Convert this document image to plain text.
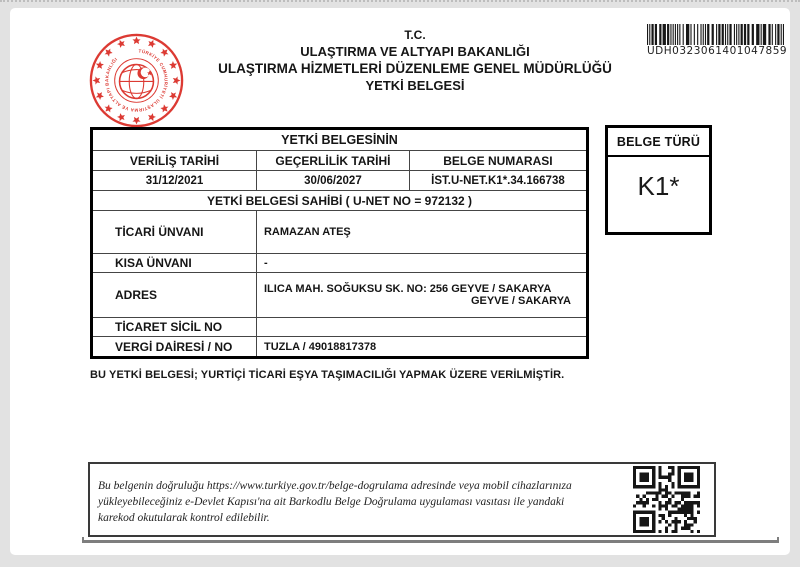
TÜRKİYE CUMHURİYETİ ULAŞTIRMA VE ALTYAPI BAKANLIĞI
T.C.
ULAŞTIRMA VE ALTYAPI BAKANLIĞI
ULAŞTIRMA HİZMETLERİ DÜZENLEME GENEL MÜDÜRLÜĞÜ
YETKİ BELGESİ
UDH0323061401047859
YETKİ BELGESİNİN		
VERİLİŞ TARİHİ	GEÇERLİLİK TARİHİ	BELGE NUMARASI
31/12/2021	30/06/2027	İST.U-NET.K1*.34.166738
YETKİ BELGESİ SAHİBİ ( U-NET NO = 972132 )		
TİCARİ ÜNVANI	RAMAZAN ATEŞ	
KISA ÜNVANI	-	
ADRES	ILICA MAH. SOĞUKSU SK. NO: 256 GEYVE / SAKARYA
GEYVE / SAKARYA	

TİCARET SİCİL NO		
VERGİ DAİRESİ / NO	TUZLA / 49018817378	
BELGE TÜRÜ
K1*
BU YETKİ BELGESİ; YURTİÇİ TİCARİ EŞYA TAŞIMACILIĞI YAPMAK ÜZERE VERİLMİŞTİR.
Bu belgenin doğruluğu https://www.turkiye.gov.tr/belge-dogrulama adresinde veya mobil cihazlarınıza yükleyebileceğiniz e-Devlet Kapısı'na ait Barkodlu Belge Doğrulama uygulaması vasıtası ile yandaki karekod okutularak kontrol edilebilir.
